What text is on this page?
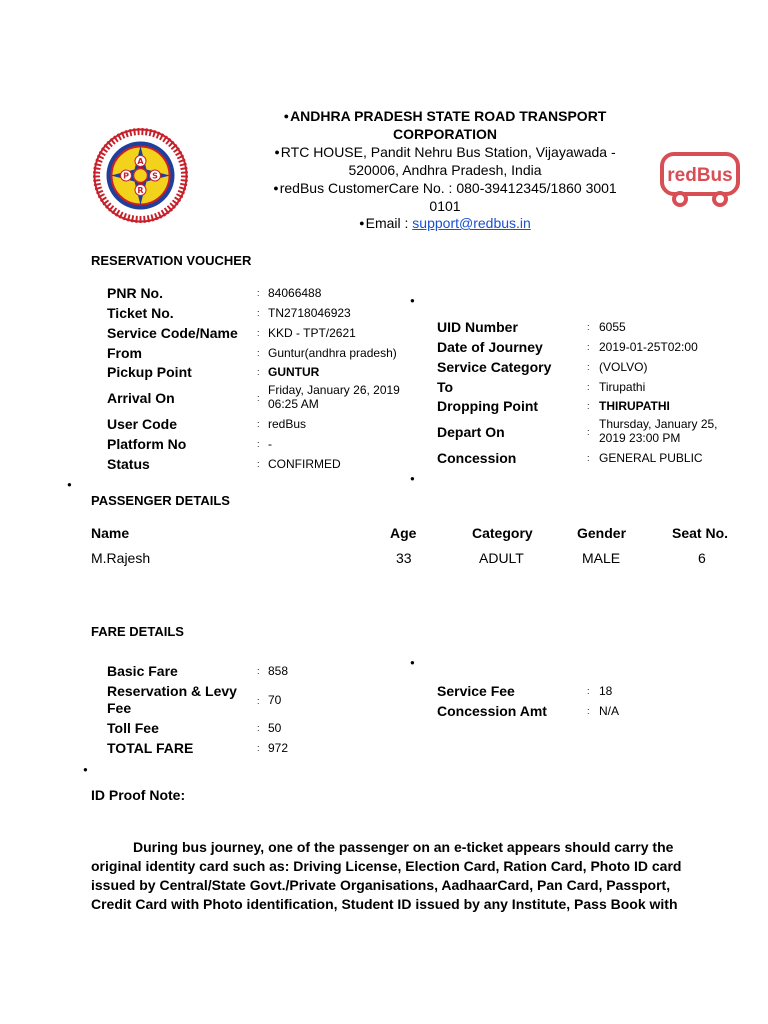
A
P	S
R
redBus
●ANDHRA PRADESH STATE ROAD TRANSPORT
CORPORATION
●RTC HOUSE, Pandit Nehru Bus Station, Vijayawada -
520006, Andhra Pradesh, India
●redBus CustomerCare No. : 080-39412345/1860 3001
0101
●Email : support@redbus.in
RESERVATION VOUCHER
PNR No.	: 84066488
Ticket No.	: TN2718046923
Service Code/Name : KKD - TPT/2621
From	: Guntur(andhra pradesh)
Pickup Point	: GUNTUR
Arrival On	:
Friday, January 26, 2019
06:25 AM
User Code	: redBus
Platform No	: -
Status	: CONFIRMED
●
UID Number	: 6055
Date of Journey	: 2019-01-25T02:00
Service Category	: (VOLVO)
To	: Tirupathi
Dropping Point	: THIRUPATHI
Depart On	:
Thursday, January 25,
2019 23:00 PM
Concession	: GENERAL PUBLIC
●
●
PASSENGER DETAILS
Name	Age	Category	Gender	Seat No.
M.Rajesh	33	ADULT	MALE	6
FARE DETAILS
Basic Fare	: 858
Reservation & Levy
Fee	: 70
Toll Fee	: 50
TOTAL FARE	: 972
●
Service Fee	: 18
Concession Amt	: N/A
●
ID Proof Note:
During bus journey, one of the passenger on an e-ticket appears should carry the
original identity card such as: Driving License, Election Card, Ration Card, Photo ID card
issued by Central/State Govt./Private Organisations, AadhaarCard, Pan Card, Passport,
Credit Card with Photo identification, Student ID issued by any Institute, Pass Book with
